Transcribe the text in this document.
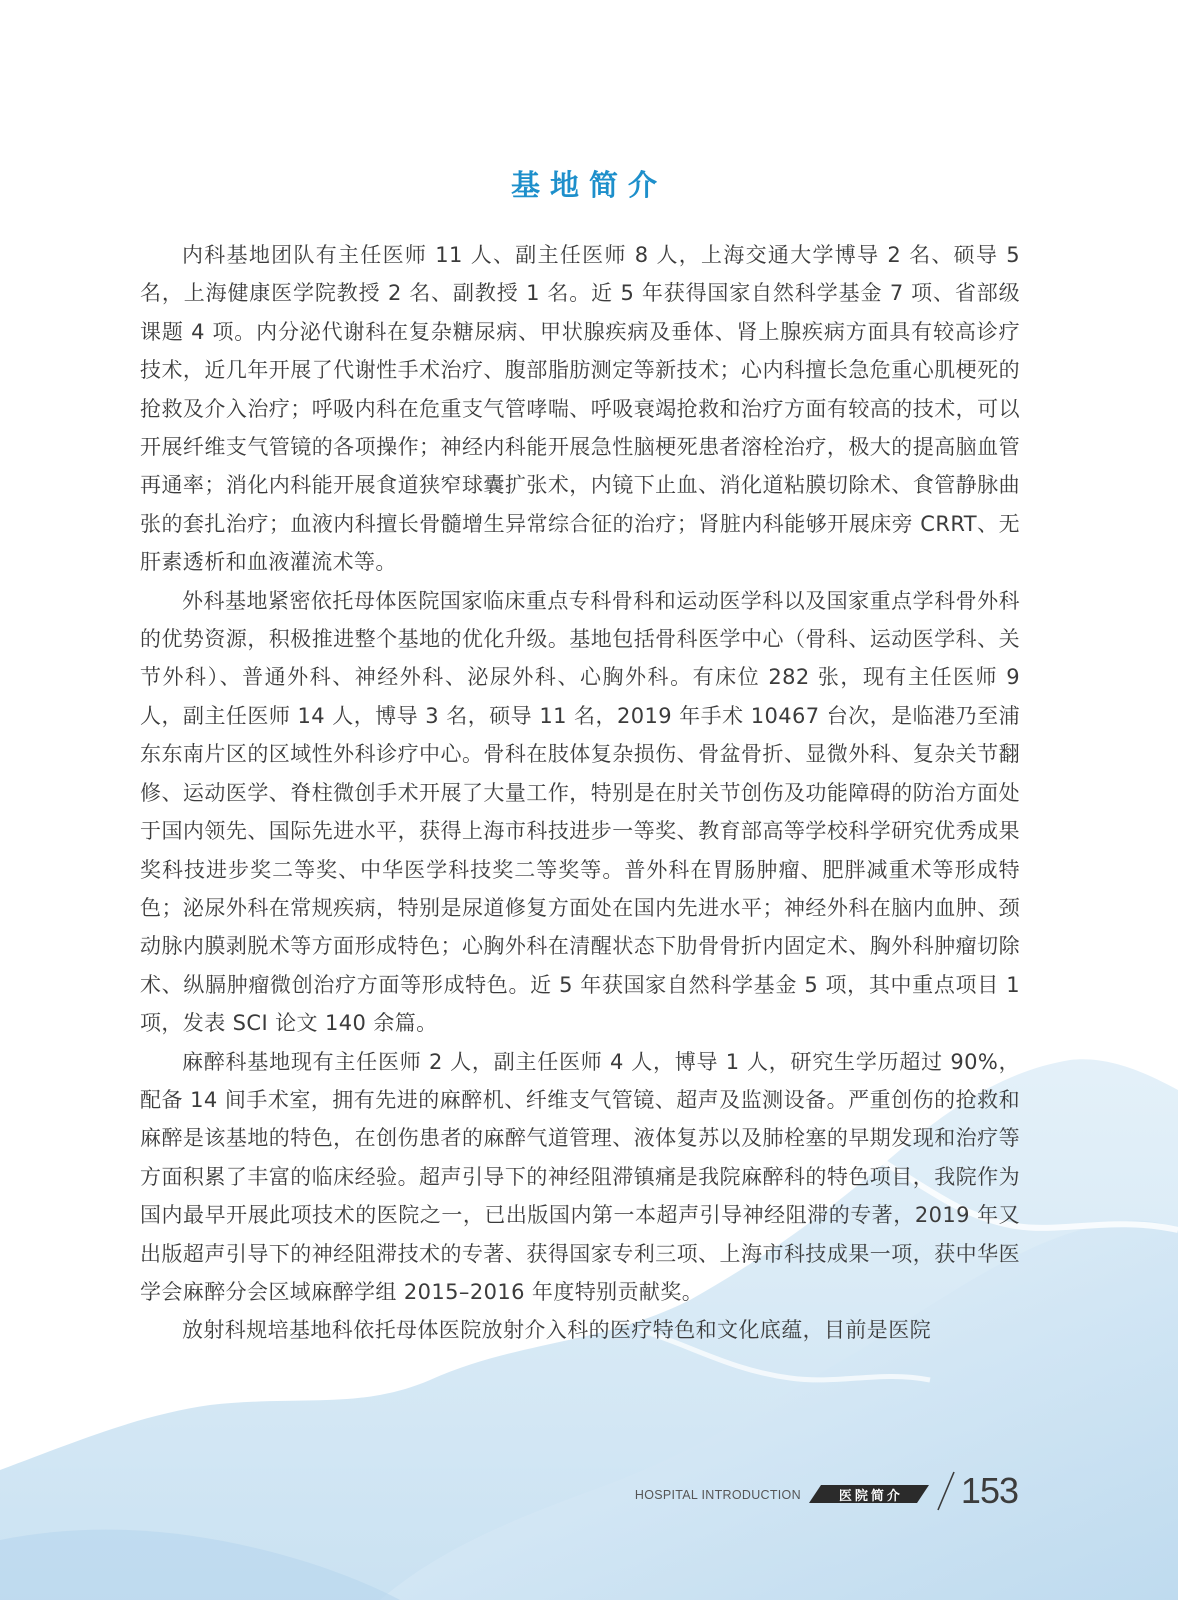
基地简介

内科基地团队有主任医师 11 人、副主任医师 8 人，上海交通大学博导 2 名、硕导 5 名，上海健康医学院教授 2 名、副教授 1 名。近 5 年获得国家自然科学基金 7 项、省部级课题 4 项。内分泌代谢科在复杂糖尿病、甲状腺疾病及垂体、肾上腺疾病方面具有较高诊疗技术，近几年开展了代谢性手术治疗、腹部脂肪测定等新技术；心内科擅长急危重心肌梗死的抢救及介入治疗；呼吸内科在危重支气管哮喘、呼吸衰竭抢救和治疗方面有较高的技术，可以开展纤维支气管镜的各项操作；神经内科能开展急性脑梗死患者溶栓治疗，极大的提高脑血管再通率；消化内科能开展食道狭窄球囊扩张术，内镜下止血、消化道粘膜切除术、食管静脉曲张的套扎治疗；血液内科擅长骨髓增生异常综合征的治疗；肾脏内科能够开展床旁 CRRT、无肝素透析和血液灌流术等。

外科基地紧密依托母体医院国家临床重点专科骨科和运动医学科以及国家重点学科骨外科的优势资源，积极推进整个基地的优化升级。基地包括骨科医学中心（骨科、运动医学科、关节外科）、普通外科、神经外科、泌尿外科、心胸外科。有床位 282 张，现有主任医师 9 人，副主任医师 14 人，博导 3 名，硕导 11 名，2019 年手术 10467 台次，是临港乃至浦东东南片区的区域性外科诊疗中心。骨科在肢体复杂损伤、骨盆骨折、显微外科、复杂关节翻修、运动医学、脊柱微创手术开展了大量工作，特别是在肘关节创伤及功能障碍的防治方面处于国内领先、国际先进水平，获得上海市科技进步一等奖、教育部高等学校科学研究优秀成果奖科技进步奖二等奖、中华医学科技奖二等奖等。普外科在胃肠肿瘤、肥胖减重术等形成特色；泌尿外科在常规疾病，特别是尿道修复方面处在国内先进水平；神经外科在脑内血肿、颈动脉内膜剥脱术等方面形成特色；心胸外科在清醒状态下肋骨骨折内固定术、胸外科肿瘤切除术、纵膈肿瘤微创治疗方面等形成特色。近 5 年获国家自然科学基金 5 项，其中重点项目 1 项，发表 SCI 论文 140 余篇。

麻醉科基地现有主任医师 2 人，副主任医师 4 人，博导 1 人，研究生学历超过 90%，配备 14 间手术室，拥有先进的麻醉机、纤维支气管镜、超声及监测设备。严重创伤的抢救和麻醉是该基地的特色，在创伤患者的麻醉气道管理、液体复苏以及肺栓塞的早期发现和治疗等方面积累了丰富的临床经验。超声引导下的神经阻滞镇痛是我院麻醉科的特色项目，我院作为国内最早开展此项技术的医院之一，已出版国内第一本超声引导神经阻滞的专著，2019 年又出版超声引导下的神经阻滞技术的专著、获得国家专利三项、上海市科技成果一项，获中华医学会麻醉分会区域麻醉学组 2015–2016 年度特别贡献奖。

放射科规培基地科依托母体医院放射介入科的医疗特色和文化底蕴，目前是医院

HOSPITAL INTRODUCTION	医院简介 153
